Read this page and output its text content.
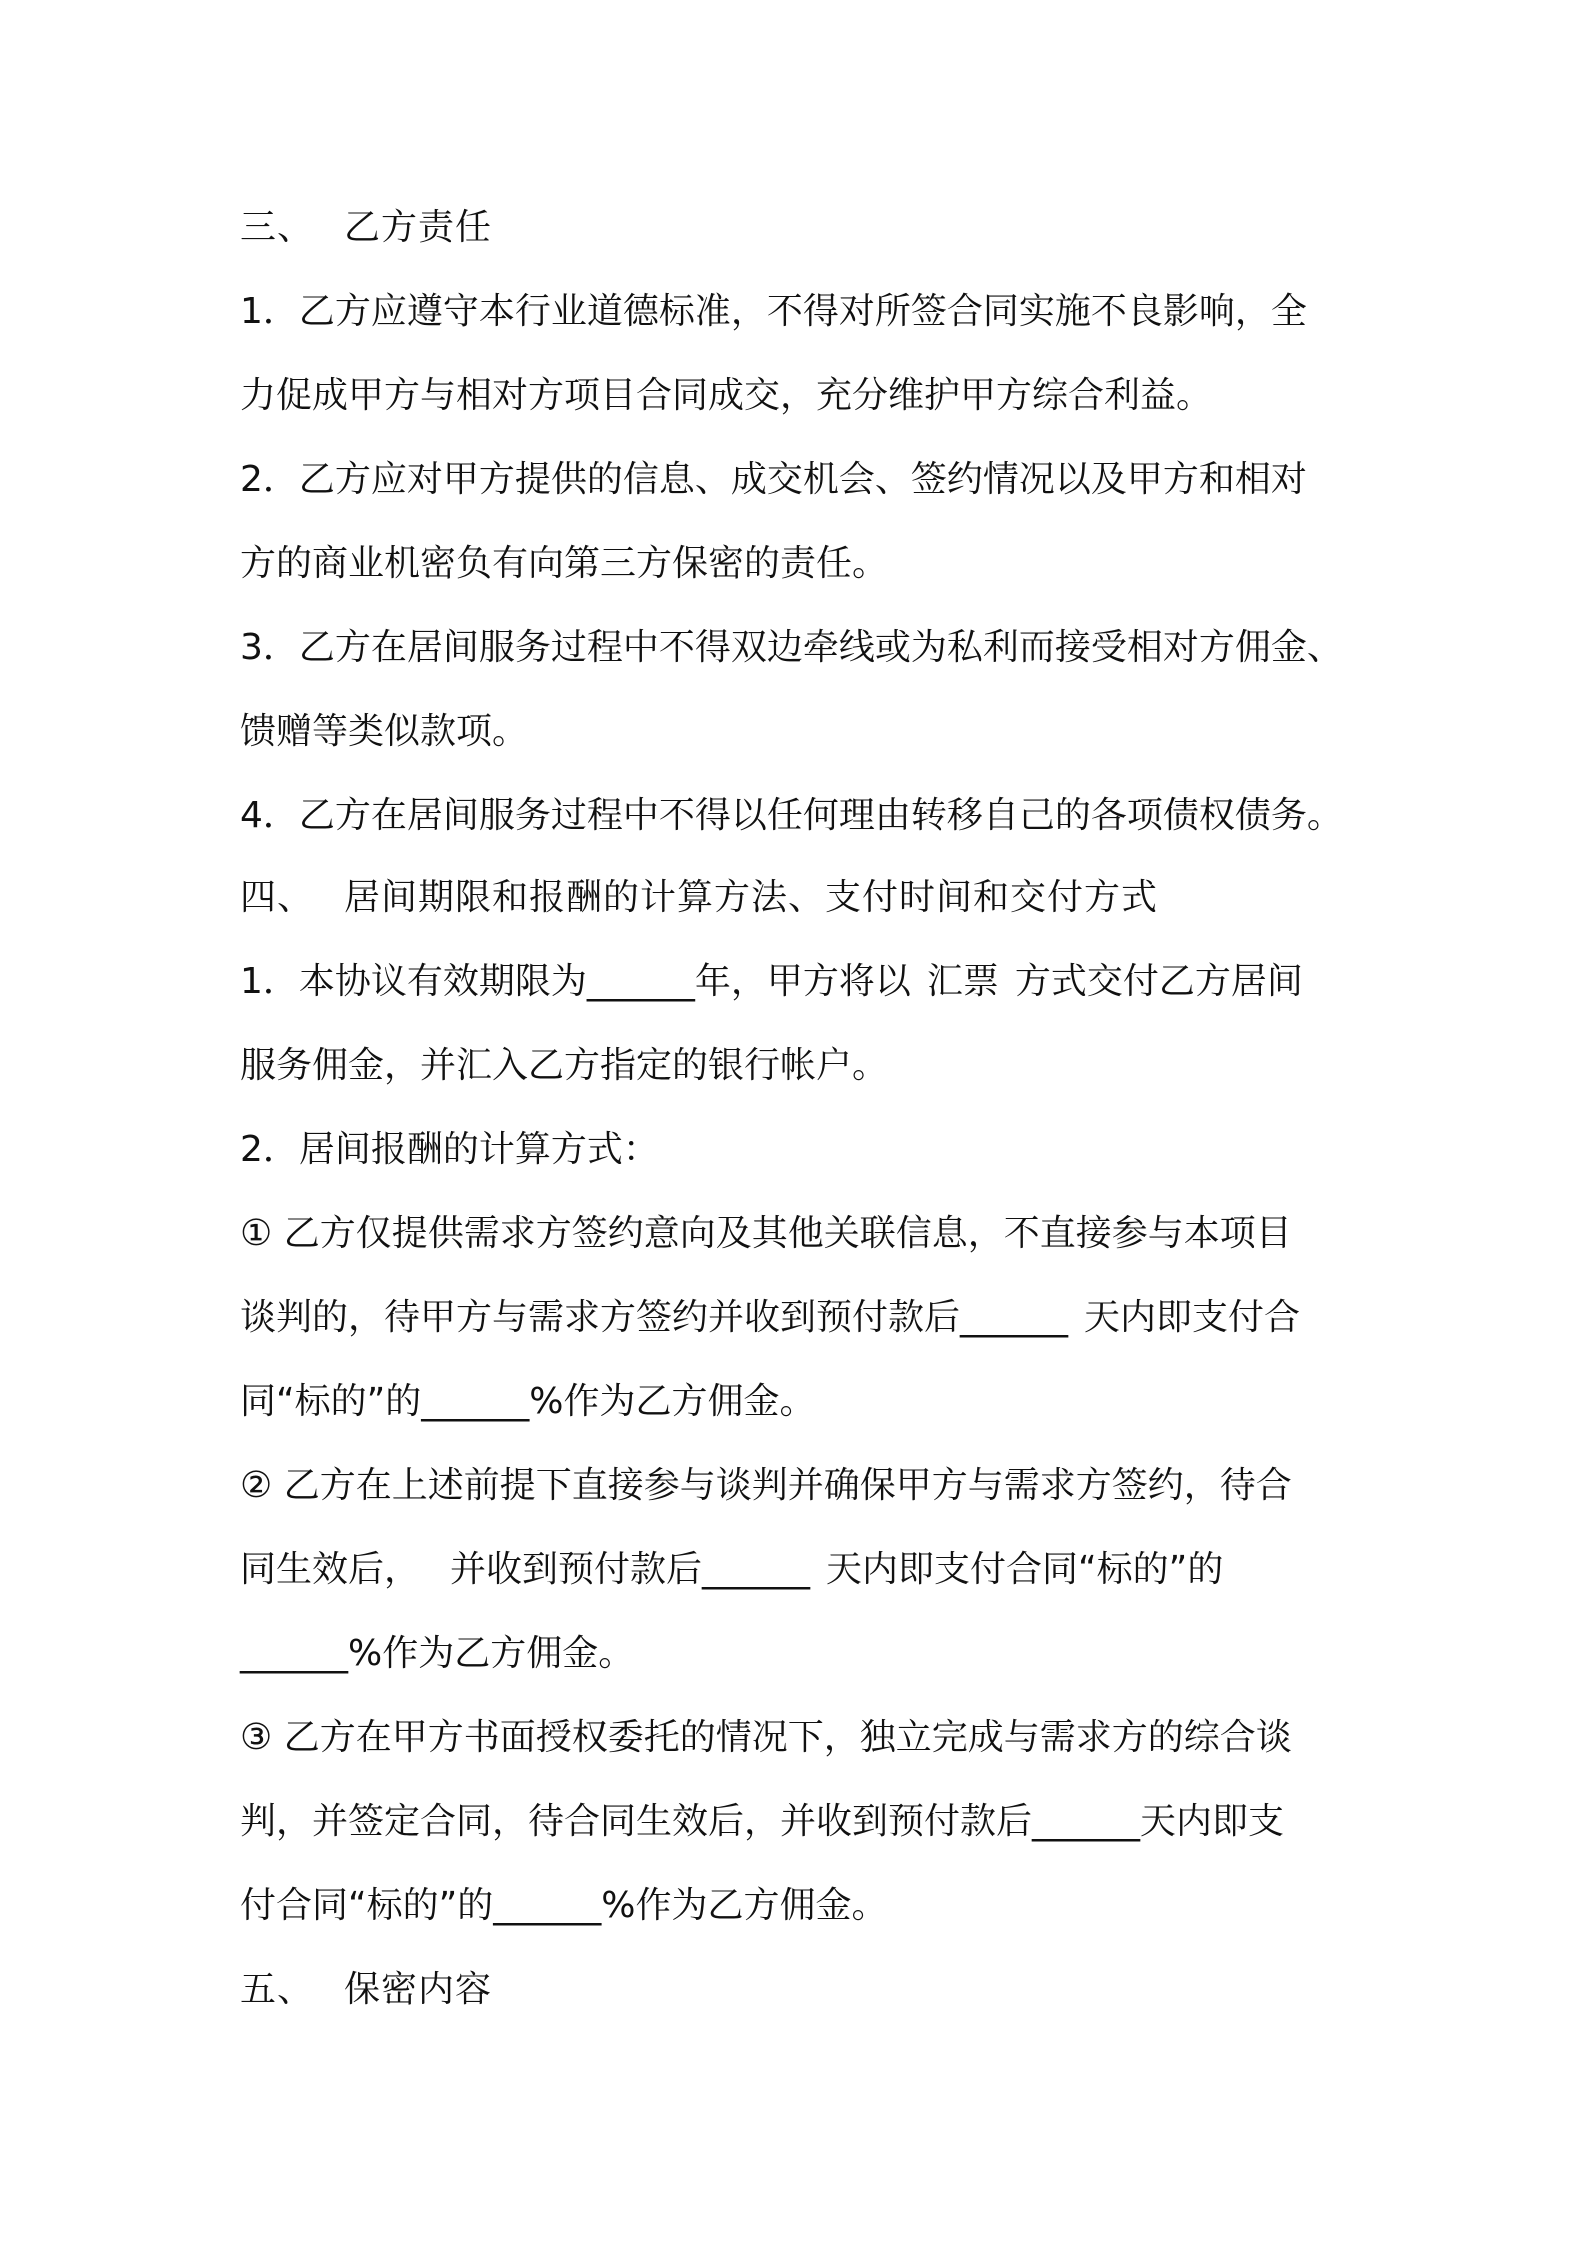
三、 乙方责任
1．乙方应遵守本行业道德标准，不得对所签合同实施不良影响，全
力促成甲方与相对方项目合同成交，充分维护甲方综合利益。
2．乙方应对甲方提供的信息、成交机会、签约情况以及甲方和相对
方的商业机密负有向第三方保密的责任。
3．乙方在居间服务过程中不得双边牵线或为私利而接受相对方佣金、
馈赠等类似款项。
4．乙方在居间服务过程中不得以任何理由转移自己的各项债权债务。
四、 居间期限和报酬的计算方法、支付时间和交付方式
1．本协议有效期限为______年，甲方将以 汇票 方式交付乙方居间
服务佣金，并汇入乙方指定的银行帐户。
2．居间报酬的计算方式：
① 乙方仅提供需求方签约意向及其他关联信息，不直接参与本项目
谈判的，待甲方与需求方签约并收到预付款后______ 天内即支付合
同“标的”的______%作为乙方佣金。
② 乙方在上述前提下直接参与谈判并确保甲方与需求方签约，待合
同生效后， 并收到预付款后______ 天内即支付合同“标的”的
______%作为乙方佣金。
③ 乙方在甲方书面授权委托的情况下，独立完成与需求方的综合谈
判，并签定合同，待合同生效后，并收到预付款后______天内即支
付合同“标的”的______%作为乙方佣金。
五、 保密内容
